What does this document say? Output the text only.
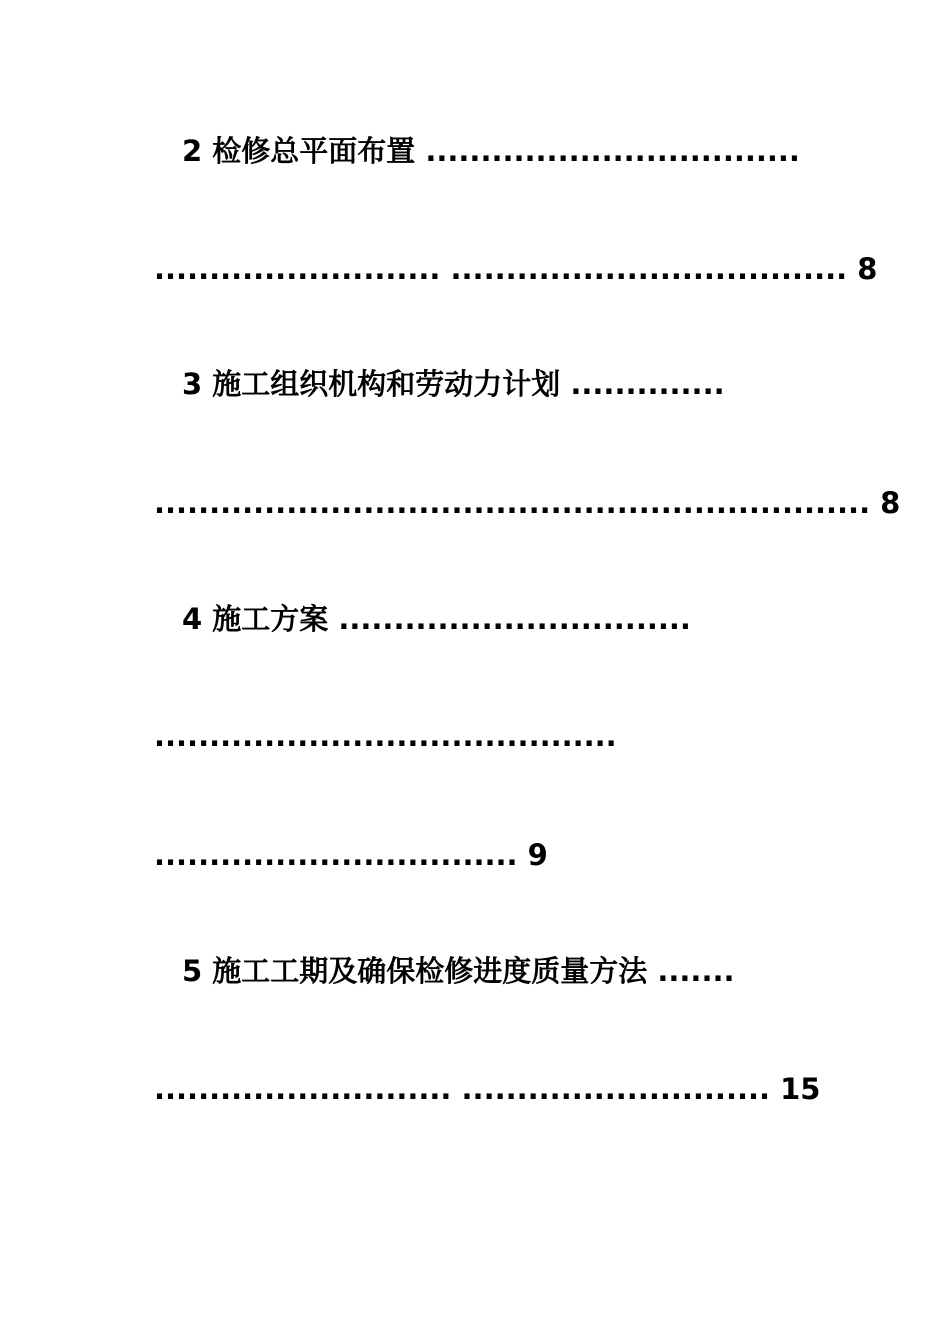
2 检修总平面布置 ..................................
.......................... .................................... 8
3 施工组织机构和劳动力计划 ..............
................................................................. 8
4 施工方案 ................................
..........................................
................................. 9
5 施工工期及确保检修进度质量方法 .......
........................... ............................ 15
